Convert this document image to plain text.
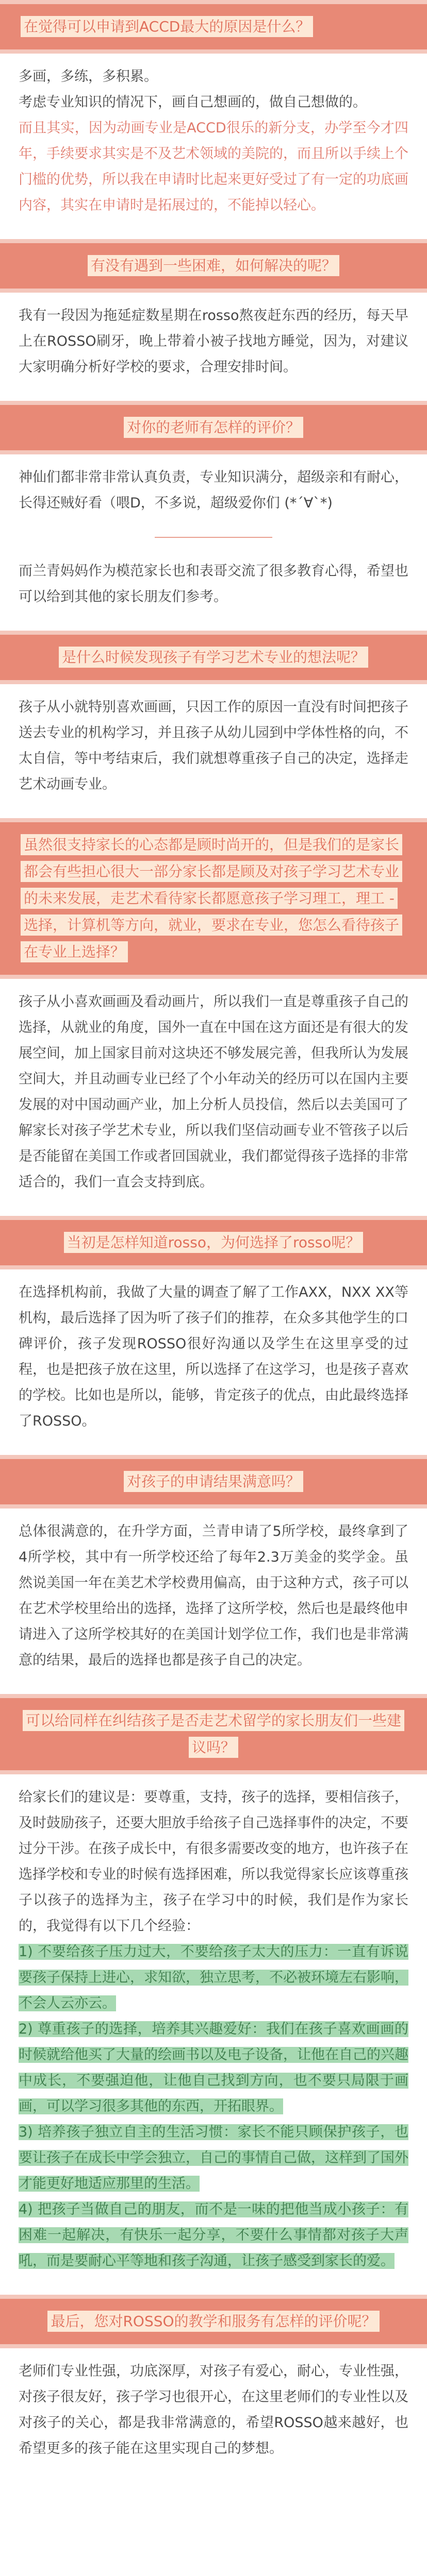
在觉得可以申请到ACCD最大的原因是什么？

多画，多练，多积累。

考虑专业知识的情况下，画自己想画的，做自己想做的。

而且其实，因为动画专业是ACCD很乐的新分支，办学至今才四年，手续要求其实是不及艺术领域的美院的，而且所以手续上个门槛的优势，所以我在申请时比起来更好受过了有一定的功底画内容，其实在申请时是拓展过的，不能掉以轻心。

有没有遇到一些困难，如何解决的呢？

我有一段因为拖延症数星期在rosso熬夜赶东西的经历，每天早上在ROSSO刷牙，晚上带着小被子找地方睡觉，因为，对建议大家明确分析好学校的要求，合理安排时间。

对你的老师有怎样的评价？

神仙们都非常非常认真负责，专业知识满分，超级亲和有耐心，长得还贼好看（喂D，不多说，超级爱你们 (*´∀`*)

而兰青妈妈作为模范家长也和表哥交流了很多教育心得，希望也可以给到其他的家长朋友们参考。

是什么时候发现孩子有学习艺术专业的想法呢？

孩子从小就特别喜欢画画，只因工作的原因一直没有时间把孩子送去专业的机构学习，并且孩子从幼儿园到中学体性格的向，不太自信，等中考结束后，我们就想尊重孩子自己的决定，选择走艺术动画专业。

虽然很支持家长的心态都是顾时尚开的，但是我们的是家长都会有些担心很大一部分家长都是顾及对孩子学习艺术专业的未来发展，走艺术看待家长都愿意孩子学习理工，理工 - 选择，计算机等方向，就业，要求在专业，您怎么看待孩子在专业上选择？

孩子从小喜欢画画及看动画片，所以我们一直是尊重孩子自己的选择，从就业的角度，国外一直在中国在这方面还是有很大的发展空间，加上国家目前对这块还不够发展完善，但我所认为发展空间大，并且动画专业已经了个小年动关的经历可以在国内主要发展的对中国动画产业，加上分析人员投信，然后以去美国可了解家长对孩子学艺术专业，所以我们坚信动画专业不管孩子以后是否能留在美国工作或者回国就业，我们都觉得孩子选择的非常适合的，我们一直会支持到底。

当初是怎样知道rosso，为何选择了rosso呢？

在选择机构前，我做了大量的调查了解了工作AXX，NXX XX等机构，最后选择了因为听了孩子们的推荐，在众多其他学生的口碑评价，孩子发现ROSSO很好沟通以及学生在这里享受的过程，也是把孩子放在这里，所以选择了在这学习，也是孩子喜欢的学校。比如也是所以，能够，肯定孩子的优点，由此最终选择了ROSSO。

对孩子的申请结果满意吗？

总体很满意的，在升学方面，兰青申请了5所学校，最终拿到了4所学校，其中有一所学校还给了每年2.3万美金的奖学金。虽然说美国一年在美艺术学校费用偏高，由于这种方式，孩子可以在艺术学校里给出的选择，选择了这所学校，然后也是最终他申请进入了这所学校其好的在美国计划学位工作，我们也是非常满意的结果，最后的选择也都是孩子自己的决定。

可以给同样在纠结孩子是否走艺术留学的家长朋友们一些建议吗？

给家长们的建议是：要尊重，支持，孩子的选择，要相信孩子，及时鼓励孩子，还要大胆放手给孩子自己选择事件的决定，不要过分干涉。在孩子成长中，有很多需要改变的地方，也许孩子在选择学校和专业的时候有选择困难，所以我觉得家长应该尊重孩子以孩子的选择为主，孩子在学习中的时候，我们是作为家长的，我觉得有以下几个经验：

1) 不要给孩子压力过大，不要给孩子太大的压力：一直有诉说要孩子保持上进心，求知欲，独立思考，不必被环境左右影响，不会人云亦云。

2) 尊重孩子的选择，培养其兴趣爱好：我们在孩子喜欢画画的时候就给他买了大量的绘画书以及电子设备，让他在自己的兴趣中成长，不要强迫他，让他自己找到方向，也不要只局限于画画，可以学习很多其他的东西，开拓眼界。

3) 培养孩子独立自主的生活习惯：家长不能只顾保护孩子，也要让孩子在成长中学会独立，自己的事情自己做，这样到了国外才能更好地适应那里的生活。

4) 把孩子当做自己的朋友，而不是一味的把他当成小孩子：有困难一起解决，有快乐一起分享，不要什么事情都对孩子大声吼，而是要耐心平等地和孩子沟通，让孩子感受到家长的爱。

最后，您对ROSSO的教学和服务有怎样的评价呢？

老师们专业性强，功底深厚，对孩子有爱心，耐心，专业性强，对孩子很友好，孩子学习也很开心，在这里老师们的专业性以及对孩子的关心，都是我非常满意的，希望ROSSO越来越好，也希望更多的孩子能在这里实现自己的梦想。
